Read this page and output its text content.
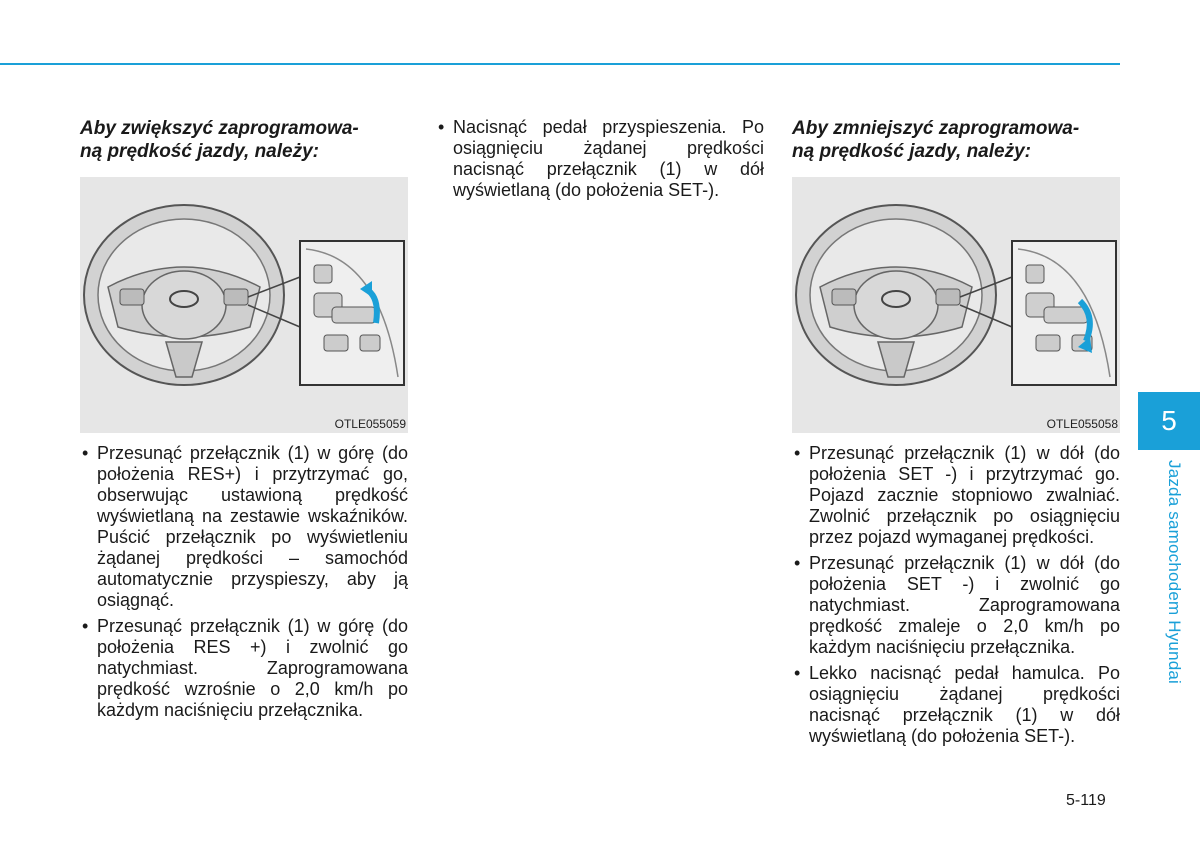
Aby zwiększyć zaprogramowa-
ną prędkość jazdy, należy:

OTLE055059
• Przesunąć przełącznik (1) w górę (do położenia RES+) i przytrzymać go, obserwując ustawioną prędkość wyświetlaną na zestawie wskaźników. Puścić przełącznik po wyświetleniu żądanej prędkości – samochód automatycznie przyspieszy, aby ją osiągnąć.
• Przesunąć przełącznik (1) w górę (do położenia RES +) i zwolnić go natychmiast. Zaprogramowana prędkość wzrośnie o 2,0 km/h po każdym naciśnięciu przełącznika.
• Nacisnąć pedał przyspieszenia. Po osiągnięciu żądanej prędkości nacisnąć przełącznik (1) w dół wyświetlaną (do położenia SET-).

Aby zmniejszyć zaprogramowa-
ną prędkość jazdy, należy:

OTLE055058
• Przesunąć przełącznik (1) w dół (do położenia SET -) i przytrzymać go. Pojazd zacznie stopniowo zwalniać. Zwolnić przełącznik po osiągnięciu przez pojazd wymaganej prędkości.
• Przesunąć przełącznik (1) w dół (do położenia SET -) i zwolnić go natychmiast. Zaprogramowana prędkość zmaleje o 2,0 km/h po każdym naciśnięciu przełącznika.
• Lekko nacisnąć pedał hamulca. Po osiągnięciu żądanej prędkości nacisnąć przełącznik (1) w dół wyświetlaną (do położenia SET-).
5
Jazda samochodem Hyundai
5-119
